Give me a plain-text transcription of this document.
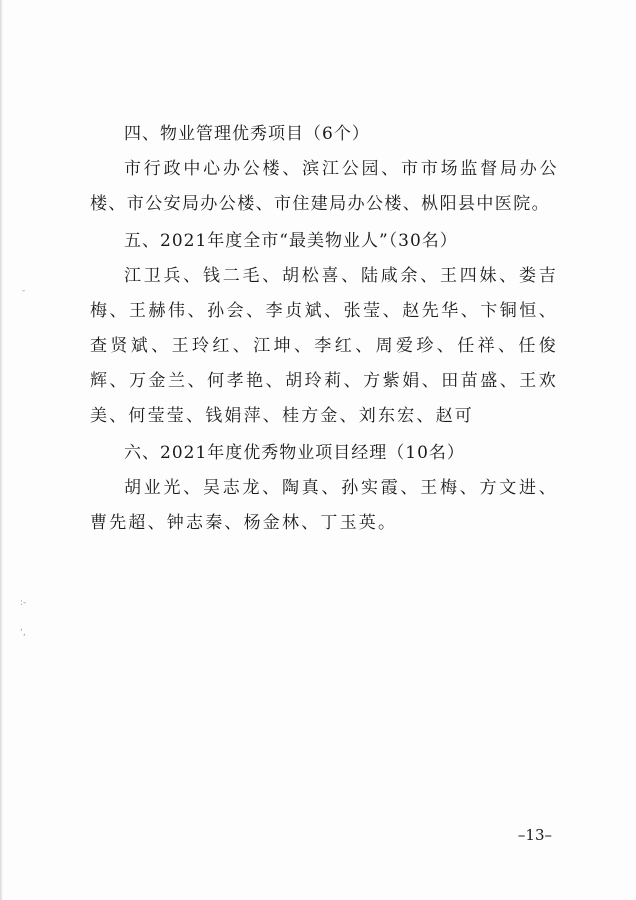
四、物业管理优秀项目（6个）
市行政中心办公楼、滨江公园、市市场监督局办公楼、市公安局办公楼、市住建局办公楼、枞阳县中医院。
五、2021年度全市“最美物业人”（30名）
江卫兵、钱二毛、胡松喜、陆咸余、王四妹、娄吉梅、王赫伟、孙会、李贞斌、张莹、赵先华、卞铜恒、查贤斌、王玲红、江坤、李红、周爱珍、任祥、任俊辉、万金兰、何孝艳、胡玲莉、方紫娟、田苗盛、王欢美、何莹莹、钱娟萍、桂方金、刘东宏、赵可
六、2021年度优秀物业项目经理（10名）
胡业光、吴志龙、陶真、孙实霞、王梅、方文进、曹先超、钟志秦、杨金林、丁玉英。
-
:-
‘,
–13–
